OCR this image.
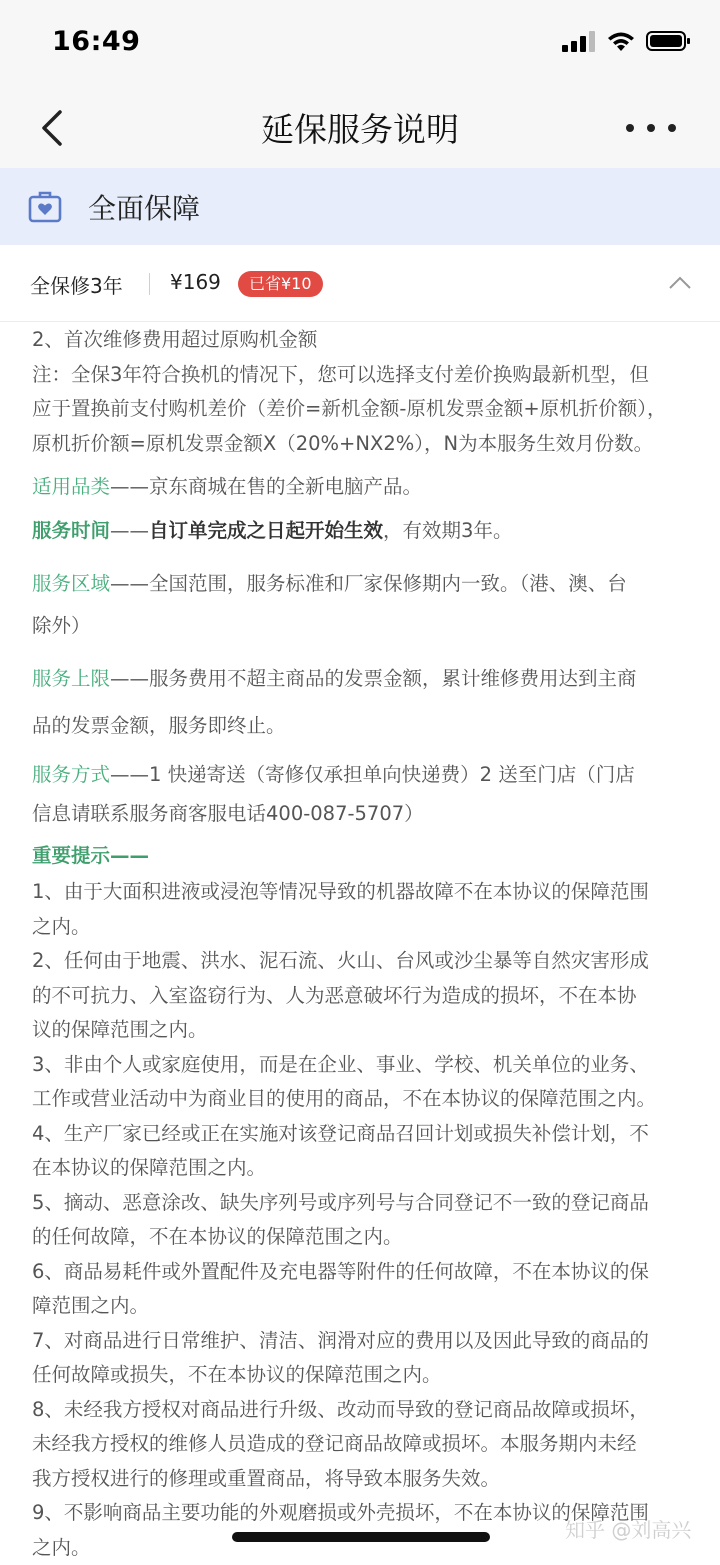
16:49
延保服务说明
全面保障
全保修3年 ¥169	已省¥10

2、首次维修费用超过原购机金额

注：全保3年符合换机的情况下，您可以选择支付差价换购最新机型，但

应于置换前支付购机差价（差价=新机金额-原机发票金额+原机折价额），

原机折价额=原机发票金额X（20%+NX2%），N为本服务生效月份数。

适用品类——京东商城在售的全新电脑产品。

服务时间——自订单完成之日起开始生效，有效期3年。

服务区域——全国范围，服务标准和厂家保修期内一致。（港、澳、台

除外）

服务上限——服务费用不超主商品的发票金额，累计维修费用达到主商

品的发票金额，服务即终止。

服务方式——1 快递寄送（寄修仅承担单向快递费）2 送至门店（门店

信息请联系服务商客服电话400-087-5707）

重要提示——

1、由于大面积进液或浸泡等情况导致的机器故障不在本协议的保障范围

之内。

2、任何由于地震、洪水、泥石流、火山、台风或沙尘暴等自然灾害形成

的不可抗力、入室盗窃行为、人为恶意破坏行为造成的损坏，不在本协

议的保障范围之内。

3、非由个人或家庭使用，而是在企业、事业、学校、机关单位的业务、

工作或营业活动中为商业目的使用的商品，不在本协议的保障范围之内。

4、生产厂家已经或正在实施对该登记商品召回计划或损失补偿计划，不

在本协议的保障范围之内。

5、摘动、恶意涂改、缺失序列号或序列号与合同登记不一致的登记商品

的任何故障，不在本协议的保障范围之内。

6、商品易耗件或外置配件及充电器等附件的任何故障，不在本协议的保

障范围之内。

7、对商品进行日常维护、清洁、润滑对应的费用以及因此导致的商品的

任何故障或损失，不在本协议的保障范围之内。

8、未经我方授权对商品进行升级、改动而导致的登记商品故障或损坏，

未经我方授权的维修人员造成的登记商品故障或损坏。本服务期内未经

我方授权进行的修理或重置商品，将导致本服务失效。

9、不影响商品主要功能的外观磨损或外壳损坏，不在本协议的保障范围

之内。

知乎 @刘高兴
